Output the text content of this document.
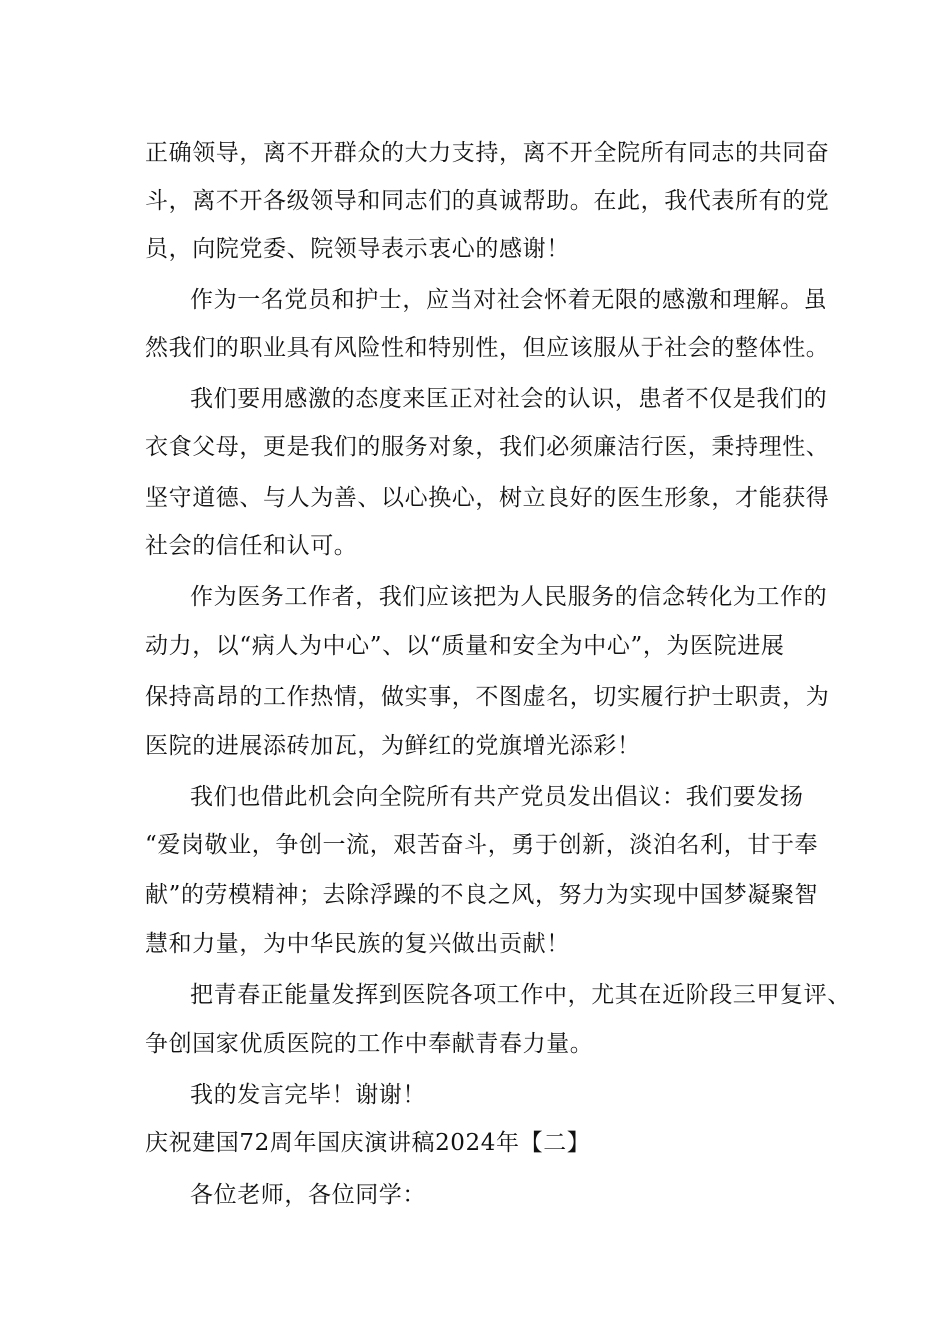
正确领导，离不开群众的大力支持，离不开全院所有同志的共同奋
斗，离不开各级领导和同志们的真诚帮助。在此，我代表所有的党
员，向院党委、院领导表示衷心的感谢！
作为一名党员和护士，应当对社会怀着无限的感激和理解。虽
然我们的职业具有风险性和特别性，但应该服从于社会的整体性。
我们要用感激的态度来匡正对社会的认识，患者不仅是我们的
衣食父母，更是我们的服务对象，我们必须廉洁行医，秉持理性、
坚守道德、与人为善、以心换心，树立良好的医生形象，才能获得
社会的信任和认可。
作为医务工作者，我们应该把为人民服务的信念转化为工作的
动力，以“病人为中心”、以“质量和安全为中心”，为医院进展
保持高昂的工作热情，做实事，不图虚名，切实履行护士职责，为
医院的进展添砖加瓦，为鲜红的党旗增光添彩！
我们也借此机会向全院所有共产党员发出倡议：我们要发扬
“爱岗敬业，争创一流，艰苦奋斗，勇于创新，淡泊名利，甘于奉
献”的劳模精神；去除浮躁的不良之风，努力为实现中国梦凝聚智
慧和力量，为中华民族的复兴做出贡献！
把青春正能量发挥到医院各项工作中，尤其在近阶段三甲复评、
争创国家优质医院的工作中奉献青春力量。
我的发言完毕！谢谢！
庆祝建国72周年国庆演讲稿2024年【二】
各位老师，各位同学：
